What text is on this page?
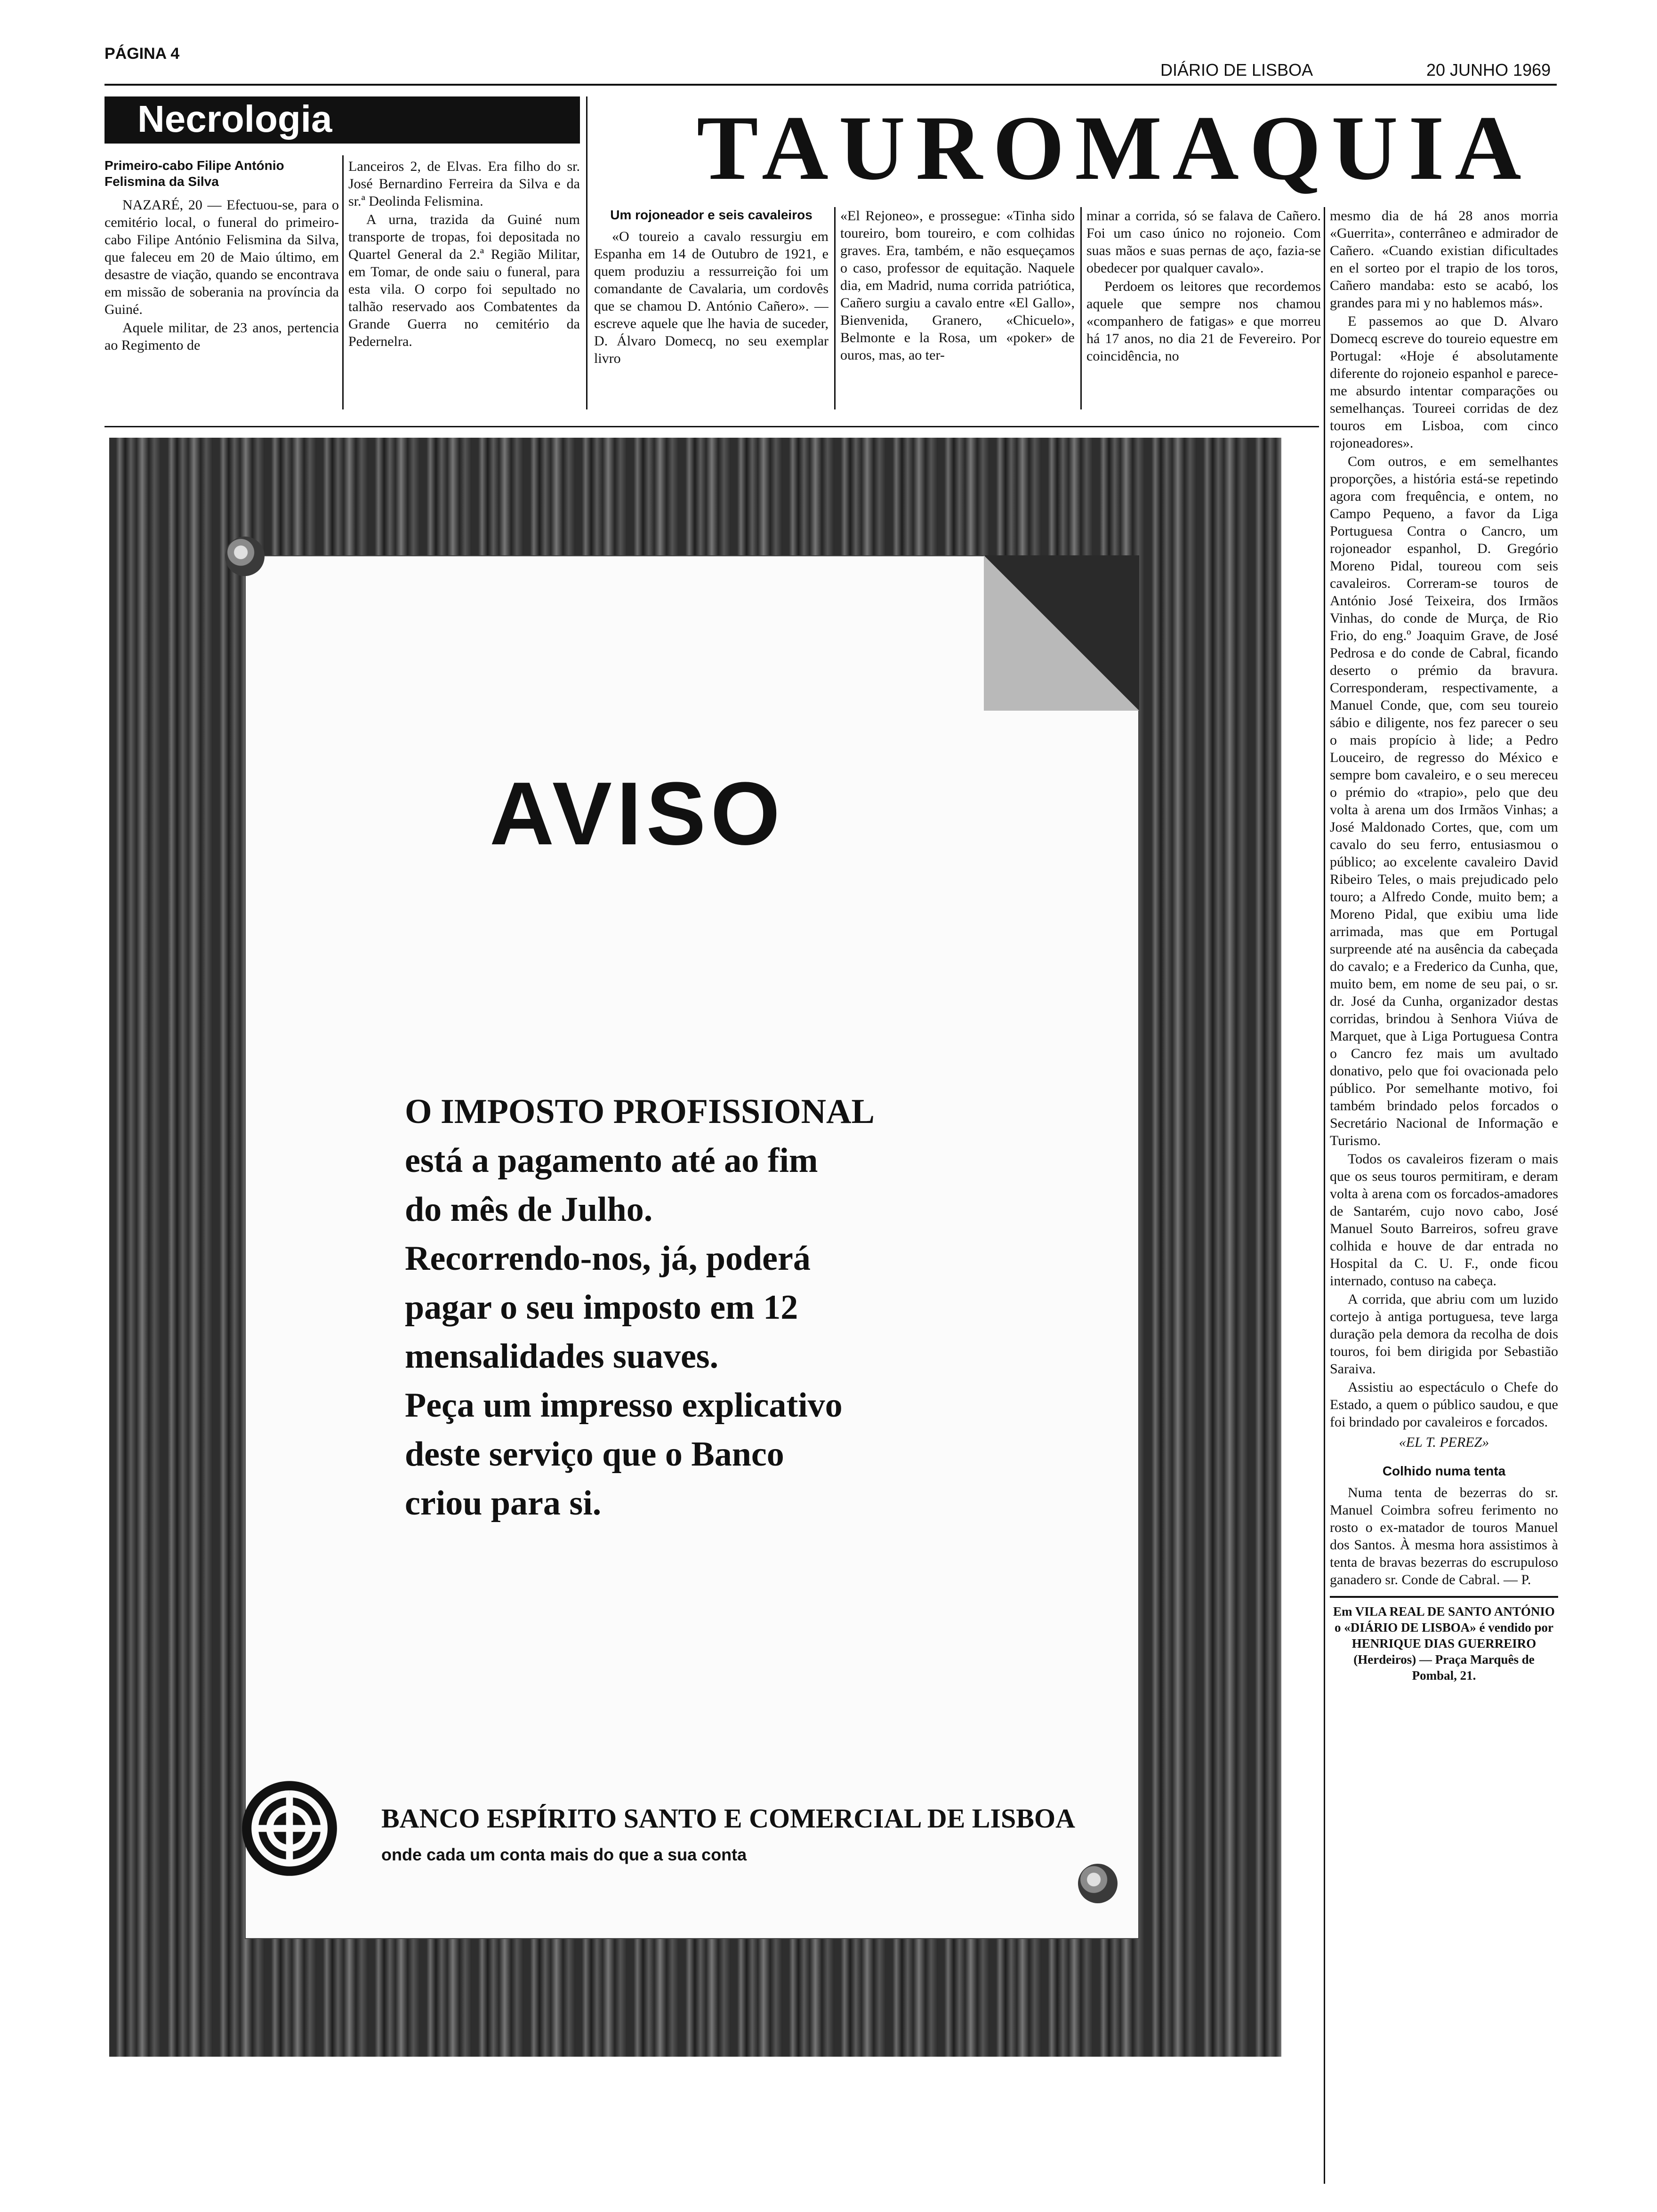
PÁGINA 4
DIÁRIO DE LISBOA	20 JUNHO 1969
Necrologia

Primeiro-cabo Filipe António Felismina da Silva

NAZARÉ, 20 — Efectuou-se, para o cemitério local, o funeral do primeiro-cabo Filipe António Felismina da Silva, que faleceu em 20 de Maio último, em desastre de viação, quando se encontrava em missão de soberania na província da Guiné.

Aquele militar, de 23 anos, pertencia ao Regimento de

Lanceiros 2, de Elvas. Era filho do sr. José Bernardino Ferreira da Silva e da sr.ª Deolinda Felismina.

A urna, trazida da Guiné num transporte de tropas, foi depositada no Quartel General da 2.ª Região Militar, em Tomar, de onde saiu o funeral, para esta vila. O corpo foi sepultado no talhão reservado aos Combatentes da Grande Guerra no cemitério da Pedernelra.

TAUROMAQUIA

Um rojoneador e seis cavaleiros

«O toureio a cavalo ressurgiu em Espanha em 14 de Outubro de 1921, e quem produziu a ressurreição foi um comandante de Cavalaria, um cordovês que se chamou D. António Cañero». — escreve aquele que lhe havia de suceder, D. Álvaro Domecq, no seu exemplar livro

«El Rejoneo», e prossegue: «Tinha sido toureiro, bom toureiro, e com colhidas graves. Era, também, e não esqueçamos o caso, professor de equitação. Naquele dia, em Madrid, numa corrida patriótica, Cañero surgiu a cavalo entre «El Gallo», Bienvenida, Granero, «Chicuelo», Belmonte e la Rosa, um «poker» de ouros, mas, ao ter-

minar a corrida, só se falava de Cañero. Foi um caso único no rojoneio. Com suas mãos e suas pernas de aço, fazia-se obedecer por qualquer cavalo».

Perdoem os leitores que recordemos aquele que sempre nos chamou «companhero de fatigas» e que morreu há 17 anos, no dia 21 de Fevereiro. Por coincidência, no

mesmo dia de há 28 anos morria «Guerrita», conterrâneo e admirador de Cañero. «Cuando existian dificultades en el sorteo por el trapio de los toros, Cañero mandaba: esto se acabó, los grandes para mi y no hablemos más».

E passemos ao que D. Alvaro Domecq escreve do toureio equestre em Portugal: «Hoje é absolutamente diferente do rojoneio espanhol e parece-me absurdo intentar comparações ou semelhanças. Toureei corridas de dez touros em Lisboa, com cinco rojoneadores».

Com outros, e em semelhantes proporções, a história está-se repetindo agora com frequência, e ontem, no Campo Pequeno, a favor da Liga Portuguesa Contra o Cancro, um rojoneador espanhol, D. Gregório Moreno Pidal, toureou com seis cavaleiros. Correram-se touros de António José Teixeira, dos Irmãos Vinhas, do conde de Murça, de Rio Frio, do eng.º Joaquim Grave, de José Pedrosa e do conde de Cabral, ficando deserto o prémio da bravura. Corresponderam, respectivamente, a Manuel Conde, que, com seu toureio sábio e diligente, nos fez parecer o seu o mais propício à lide; a Pedro Louceiro, de regresso do México e sempre bom cavaleiro, e o seu mereceu o prémio do «trapio», pelo que deu volta à arena um dos Irmãos Vinhas; a José Maldonado Cortes, que, com um cavalo do seu ferro, entusiasmou o público; ao excelente cavaleiro David Ribeiro Teles, o mais prejudicado pelo touro; a Alfredo Conde, muito bem; a Moreno Pidal, que exibiu uma lide arrimada, mas que em Portugal surpreende até na ausência da cabeçada do cavalo; e a Frederico da Cunha, que, muito bem, em nome de seu pai, o sr. dr. José da Cunha, organizador destas corridas, brindou à Senhora Viúva de Marquet, que à Liga Portuguesa Contra o Cancro fez mais um avultado donativo, pelo que foi ovacionada pelo público. Por semelhante motivo, foi também brindado pelos forcados o Secretário Nacional de Informação e Turismo.

Todos os cavaleiros fizeram o mais que os seus touros permitiram, e deram volta à arena com os forcados-amadores de Santarém, cujo novo cabo, José Manuel Souto Barreiros, sofreu grave colhida e houve de dar entrada no Hospital da C. U. F., onde ficou internado, contuso na cabeça.

A corrida, que abriu com um luzido cortejo à antiga portuguesa, teve larga duração pela demora da recolha de dois touros, foi bem dirigida por Sebastião Saraiva.

Assistiu ao espectáculo o Chefe do Estado, a quem o público saudou, e que foi brindado por cavaleiros e forcados.

«EL T. PEREZ»

Colhido numa tenta

Numa tenta de bezerras do sr. Manuel Coimbra sofreu ferimento no rosto o ex-matador de touros Manuel dos Santos. À mesma hora assistimos à tenta de bravas bezerras do escrupuloso ganadero sr. Conde de Cabral. — P.

Em VILA REAL DE SANTO ANTÓNIO o «DIÁRIO DE LISBOA» é vendido por HENRIQUE DIAS GUERREIRO (Herdeiros) — Praça Marquês de Pombal, 21.

AVISO
O IMPOSTO PROFISSIONAL
está a pagamento até ao fim
do mês de Julho.
Recorrendo-nos, já, poderá
pagar o seu imposto em 12
mensalidades suaves.
Peça um impresso explicativo
deste serviço que o Banco
criou para si.
BANCO ESPÍRITO SANTO E COMERCIAL DE LISBOA
onde cada um conta mais do que a sua conta
